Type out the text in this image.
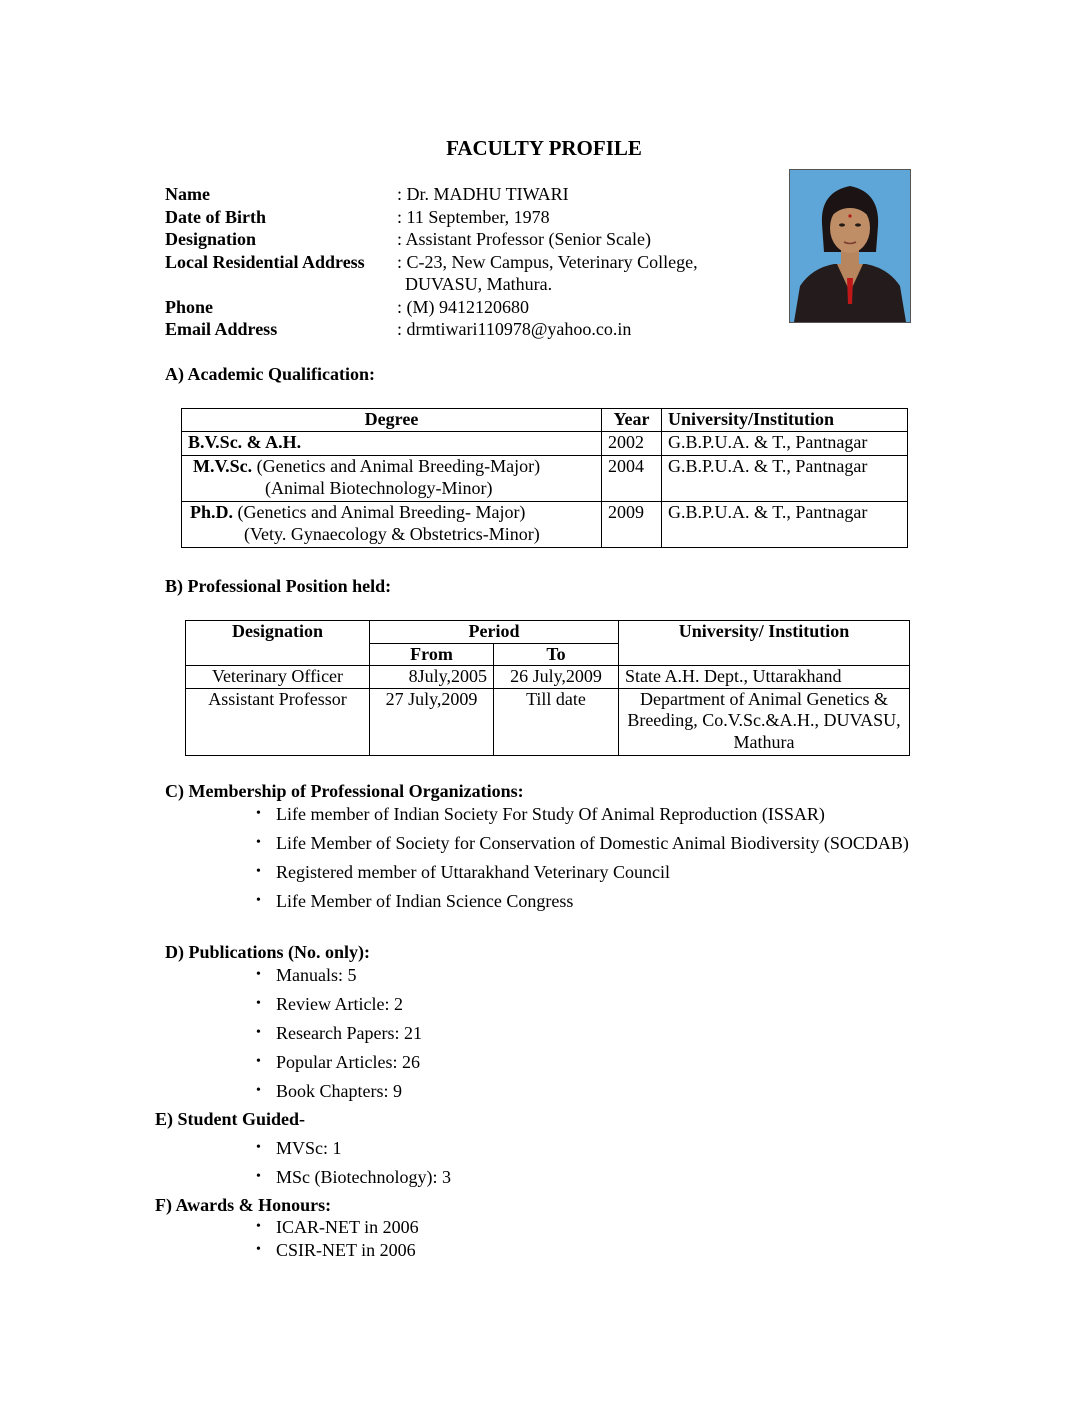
FACULTY PROFILE
Name	: Dr. MADHU TIWARI
Date of Birth	: 11 September, 1978
Designation	: Assistant Professor (Senior Scale)
Local Residential Address : C-23, New Campus, Veterinary College,
DUVASU, Mathura.
Phone	: (M) 9412120680
Email Address	: drmtiwari110978@yahoo.co.in
A) Academic Qualification:
Degree	Year	University/Institution
B.V.Sc. & A.H.	2002	G.B.P.U.A. & T., Pantnagar
M.V.Sc. (Genetics and Animal Breeding-Major)
(Animal Biotechnology-Minor)	2004	G.B.P.U.A. & T., Pantnagar
Ph.D. (Genetics and Animal Breeding- Major)
(Vety. Gynaecology & Obstetrics-Minor)	2009	G.B.P.U.A. & T., Pantnagar
B) Professional Position held:
Designation	Period		University/ Institution
	From	To	
Veterinary Officer	8July,2005	26 July,2009	State A.H. Dept., Uttarakhand
Assistant Professor	27 July,2009	Till date	Department of Animal Genetics & Breeding, Co.V.Sc.&A.H., DUVASU, Mathura
C) Membership of Professional Organizations:
• Life member of Indian Society For Study Of Animal Reproduction (ISSAR)
• Life Member of Society for Conservation of Domestic Animal Biodiversity (SOCDAB)
• Registered member of Uttarakhand Veterinary Council
• Life Member of Indian Science Congress
D) Publications (No. only):
• Manuals: 5
• Review Article: 2
• Research Papers: 21
• Popular Articles: 26
• Book Chapters: 9
E) Student Guided-
• MVSc: 1
• MSc (Biotechnology): 3
F) Awards & Honours:
• ICAR-NET in 2006
• CSIR-NET in 2006
